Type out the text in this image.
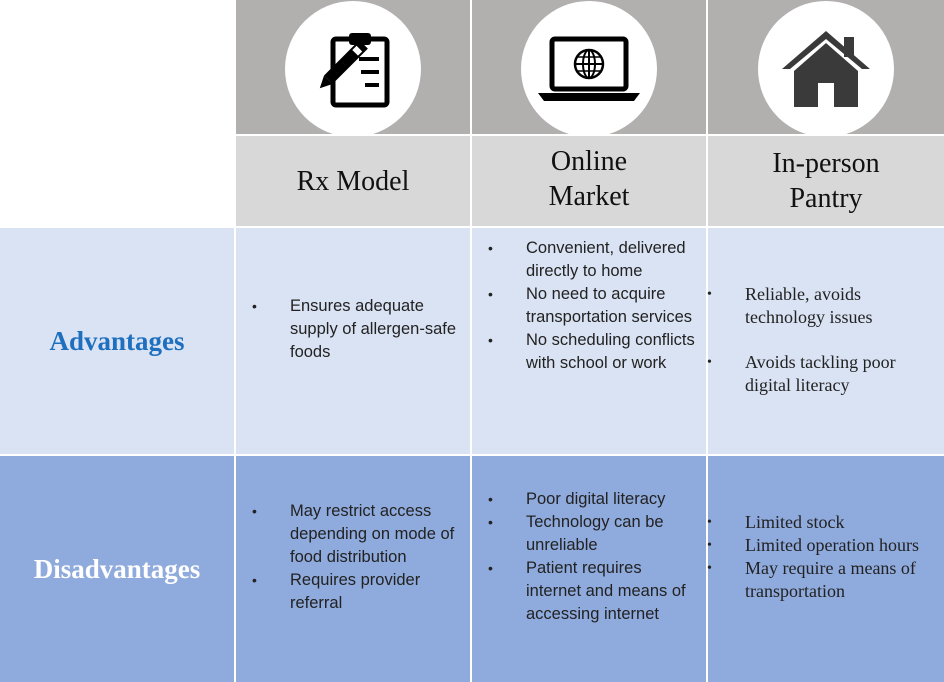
Rx Model
Online
Market
In-person
Pantry
Advantages
• Ensures adequate supply of allergen-safe foods
• Convenient, delivered directly to home
• No need to acquire transportation services
• No scheduling conflicts with school or work
• Reliable, avoids technology issues
• Avoids tackling poor digital literacy
Disadvantages
• May restrict access depending on mode of food distribution
• Requires provider referral
• Poor digital literacy
• Technology can be unreliable
• Patient requires internet and means of accessing internet
• Limited stock
• Limited operation hours
• May require a means of transportation
